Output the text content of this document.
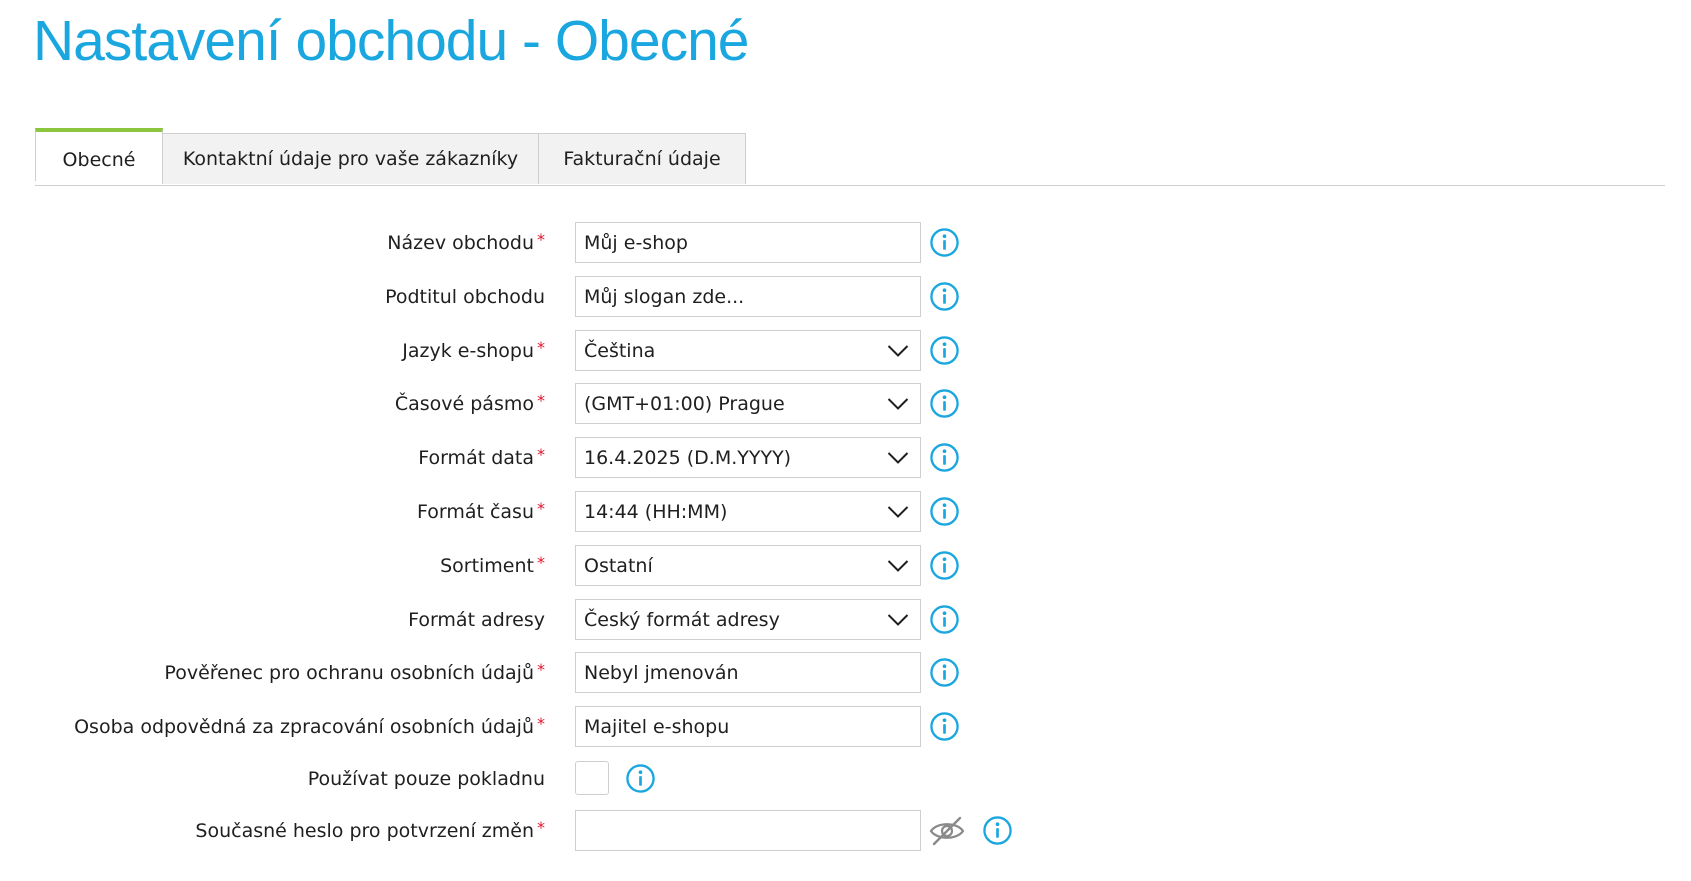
Nastavení obchodu - Obecné
Obecné	Kontaktní údaje pro vaše zákazníky	Fakturační údaje
Název obchodu *
Můj e-shop
Podtitul obchodu
Můj slogan zde...
Jazyk e-shopu * Čeština
Časové pásmo * (GMT+01:00) Prague
Formát data * 16.4.2025 (D.M.YYYY)
Formát času * 14:44 (HH:MM)
Sortiment * Ostatní
Formát adresy Český formát adresy
Pověřenec pro ochranu osobních údajů *
Nebyl jmenován
Osoba odpovědná za zpracování osobních údajů *
Majitel e-shopu
Používat pouze pokladnu
Současné heslo pro potvrzení změn *
